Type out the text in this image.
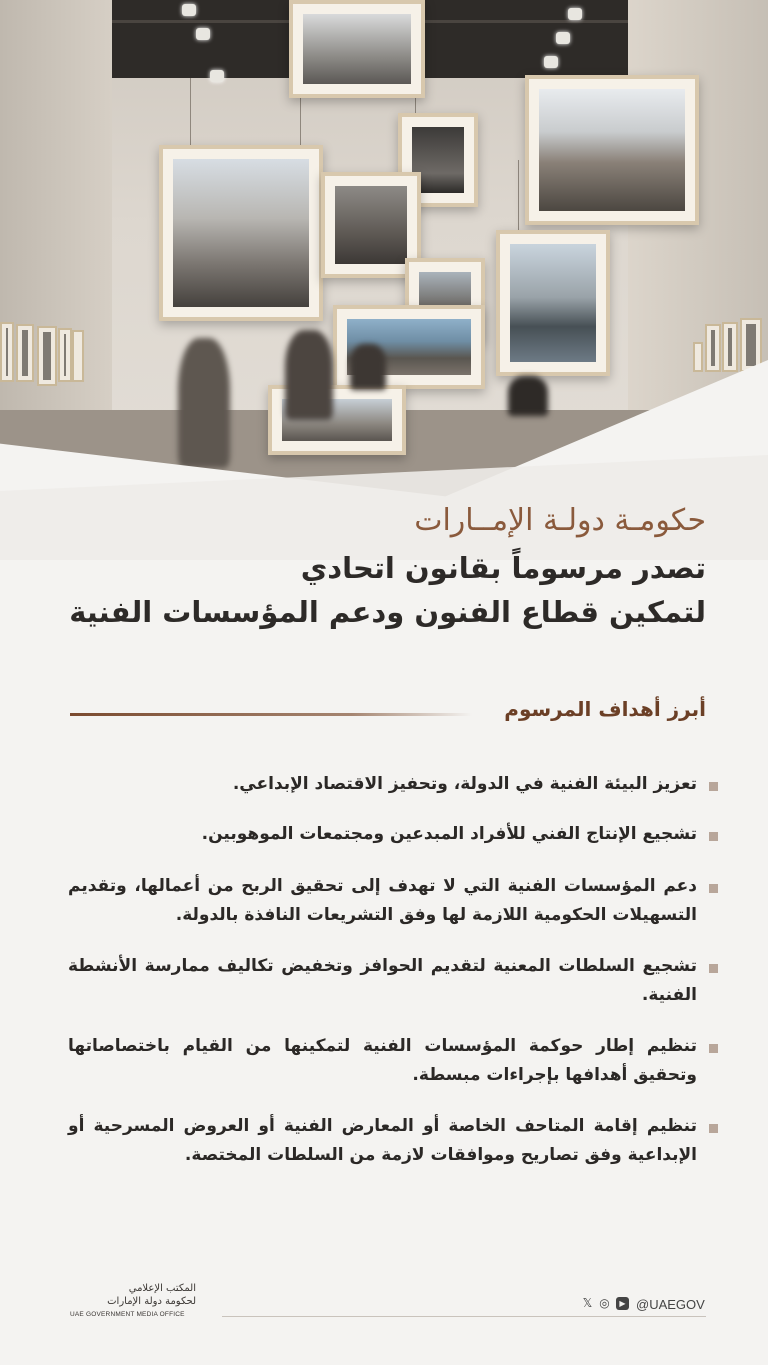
حكومـة دولـة الإمــارات
تصدر مرسوماً بقانون اتحادي
لتمكين قطاع الفنون ودعم المؤسسات الفنية
أبرز أهداف المرسوم
تعزيز البيئة الفنية في الدولة، وتحفيز الاقتصاد الإبداعي.
تشجيع الإنتاج الفني للأفراد المبدعين ومجتمعات الموهوبين.
دعم المؤسسات الفنية التي لا تهدف إلى تحقيق الربح من أعمالها، وتقديم التسهيلات الحكومية اللازمة لها وفق التشريعات النافذة بالدولة.
تشجيع السلطات المعنية لتقديم الحوافز وتخفيض تكاليف ممارسة الأنشطة الفنية.
تنظيم إطار حوكمة المؤسسات الفنية لتمكينها من القيام باختصاصاتها وتحقيق أهدافها بإجراءات مبسطة.
تنظيم إقامة المتاحف الخاصة أو المعارض الفنية أو العروض المسرحية أو الإبداعية وفق تصاريح وموافقات لازمة من السلطات المختصة.
المكتب الإعلامي
لحكومة دولة الإمارات
UAE GOVERNMENT MEDIA OFFICE
𝕏 ◎	▶ @UAEGOV
